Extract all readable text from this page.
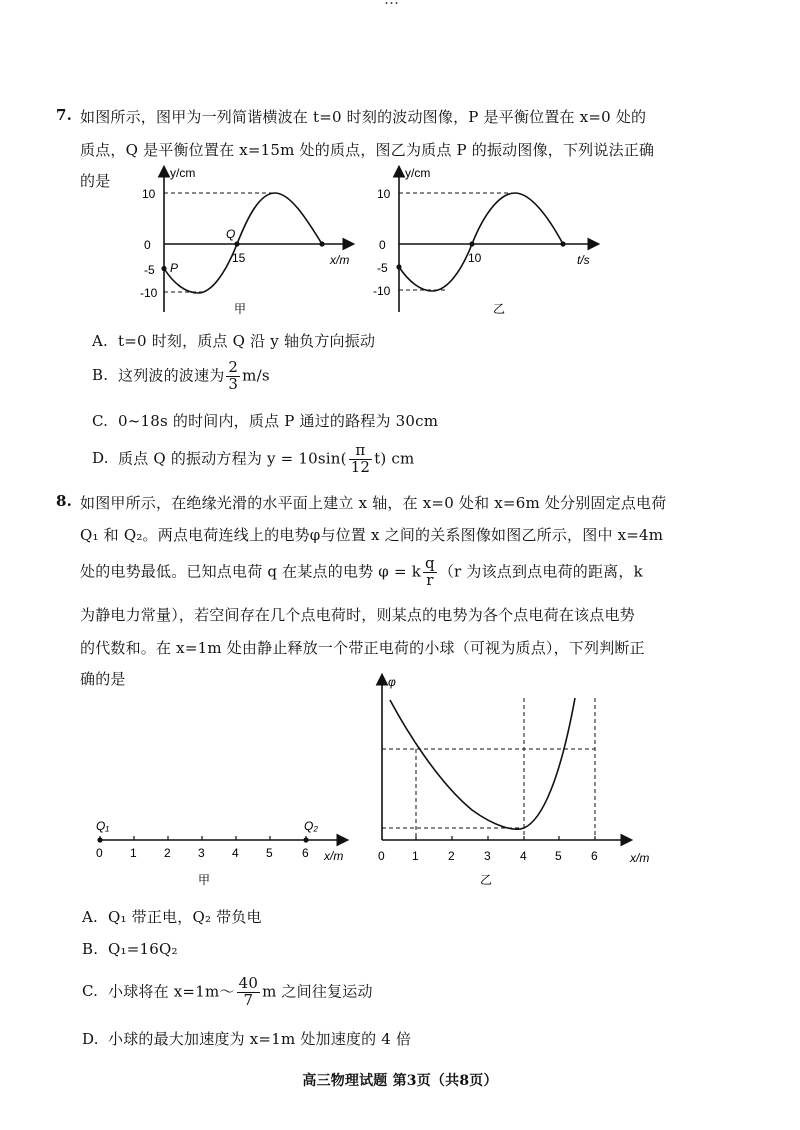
7. 如图所示，图甲为一列简谐横波在 t=0 时刻的波动图像，P 是平衡位置在 x=0 处的
质点，Q 是平衡位置在 x=15m 处的质点，图乙为质点 P 的振动图像，下列说法正确
的是	y/cm
x/m
10
0
-5
-10
15
P
Q
甲
y/cm
t/s
10
0
-5
-10
10
乙
A. t=0 时刻，质点 Q 沿 y 轴负方向振动
B. 这列波的波速为 $\frac{2}{3} m/s$
C. 0~18s 的时间内，质点 P 通过的路程为 30cm
D. 质点 Q 的振动方程为 $y = 10\sin( \frac{\pi}{12} t)$ cm
8. 如图甲所示，在绝缘光滑的水平面上建立 x 轴，在 x=0 处和 x=6m 处分别固定点电荷
Q₁ 和 Q₂。两点电荷连线上的电势φ与位置 x 之间的关系图像如图乙所示，图中 x=4m
处的电势最低。已知点电荷 q 在某点的电势 φ = k $\frac{q}{r} (r$ 为该点到点电荷的距离，k
为静电力常量），若空间存在几个点电荷时，则某点的电势为各个点电荷在该点电势
的代数和。在 x=1m 处由静止释放一个带正电荷的小球（可视为质点），下列判断正
确的是
Q₁	Q₂
0 1 2 3 4 5 6 x/m
甲
φ
0 1 2 3 4 5 6	x/m
乙
A. Q₁ 带正电，Q₂ 带负电
B. Q₁=16Q₂
C. 小球将在 x=1m～ $\frac{40}{7}$ m 之间往复运动
D. 小球的最大加速度为 x=1m 处加速度的 4 倍
高三物理试题 第3页（共8页）
